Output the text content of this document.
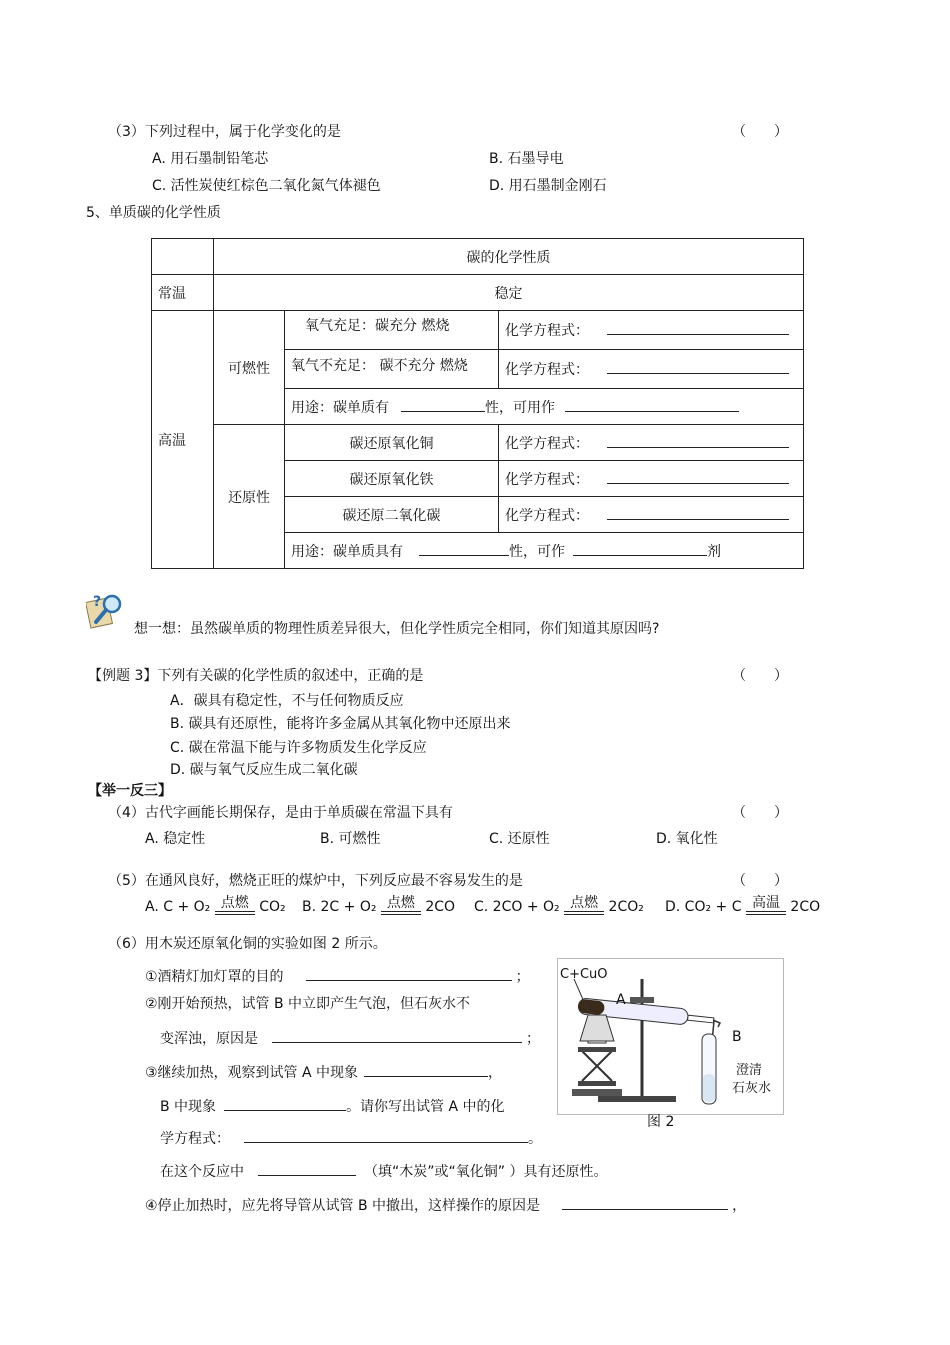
（3）下列过程中，属于化学变化的是	（　　）
A. 用石墨制铅笔芯	B. 石墨导电
C. 活性炭使红棕色二氧化氮气体褪色	D. 用石墨制金刚石
5、单质碳的化学性质
	碳的化学性质		
常温	稳定		
高温	可燃性	氧气充足：碳充分 燃烧	化学方程式：
		氧气不充足： 碳不充分 燃烧	化学方程式：
		用途：碳单质有 性，可用作	
	还原性	碳还原氧化铜	化学方程式：
		碳还原氧化铁	化学方程式：
		碳还原二氧化碳	化学方程式：
		用途：碳单质具有 性，可作 剂	
?
想一想：虽然碳单质的物理性质差异很大，但化学性质完全相同，你们知道其原因吗?
【例题 3】下列有关碳的化学性质的叙述中，正确的是	（　　）
A．碳具有稳定性，不与任何物质反应
B. 碳具有还原性，能将许多金属从其氧化物中还原出来
C. 碳在常温下能与许多物质发生化学反应
D. 碳与氧气反应生成二氧化碳
【举一反三】
（4）古代字画能长期保存，是由于单质碳在常温下具有	（　　）
A. 稳定性	B. 可燃性	C. 还原性	D. 氧化性
（5）在通风良好，燃烧正旺的煤炉中，下列反应最不容易发生的是	（　　）
A. C + O₂ 点燃 CO₂ B. 2C + O₂ 点燃 2CO C. 2CO + O₂ 点燃 2CO₂ D. CO₂ + C 高温 2CO
（6）用木炭还原氧化铜的实验如图 2 所示。
①酒精灯加灯罩的目的	；
②刚开始预热，试管 B 中立即产生气泡，但石灰水不
变浑浊，原因是	；
③继续加热，观察到试管 A 中现象	，
B 中现象	。请你写出试管 A 中的化
学方程式：	。
在这个反应中	（填“木炭”或“氧化铜” ）具有还原性。
④停止加热时，应先将导管从试管 B 中撤出，这样操作的原因是	，
C+CuO
A
B
澄清
石灰水
图 2
